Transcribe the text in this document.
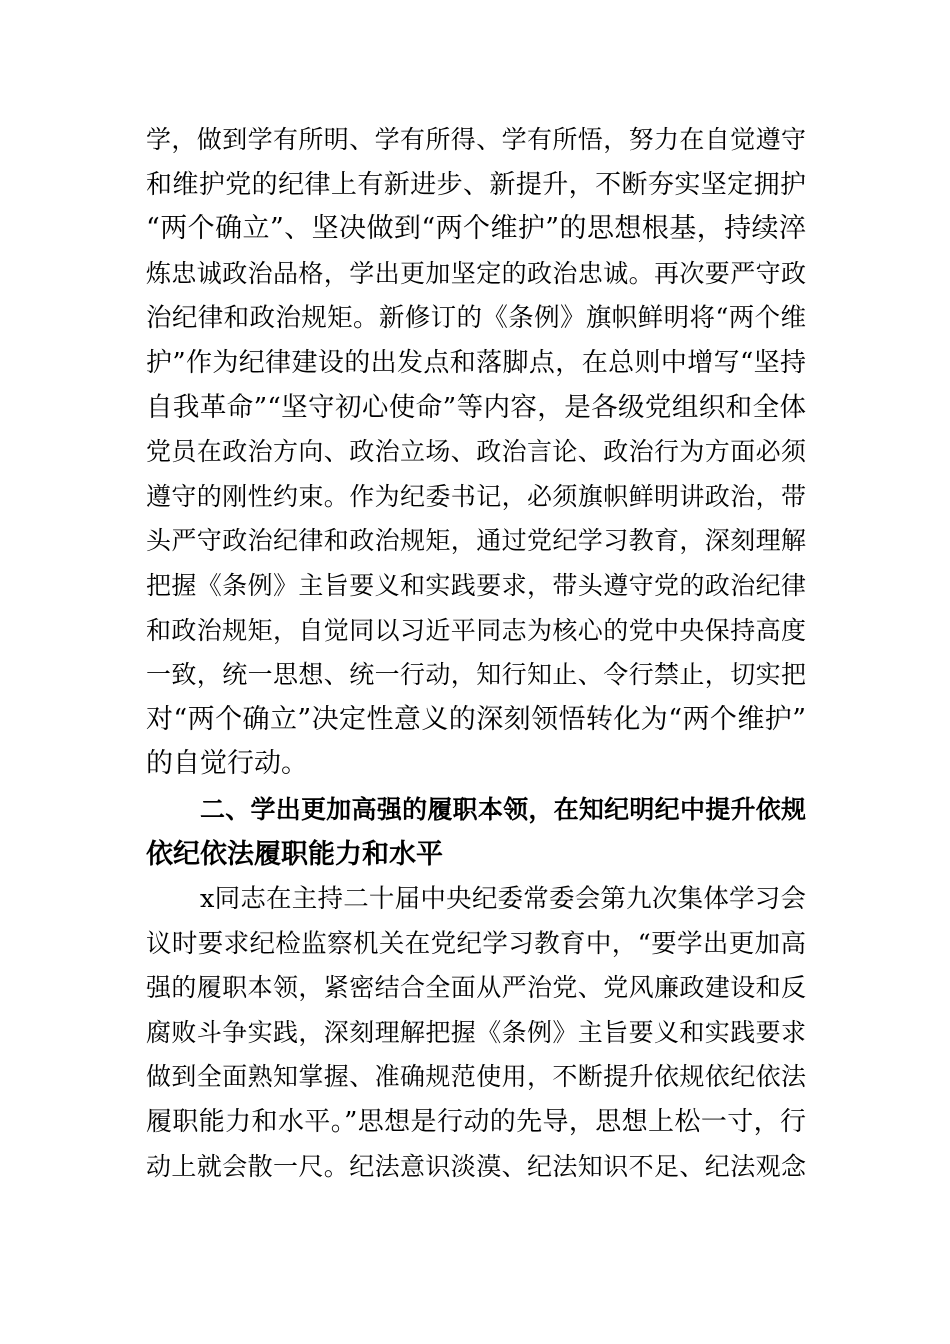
学，做到学有所明、学有所得、学有所悟，努力在自觉遵守
和维护党的纪律上有新进步、新提升，不断夯实坚定拥护
“两个确立”、坚决做到“两个维护”的思想根基，持续淬
炼忠诚政治品格，学出更加坚定的政治忠诚。再次要严守政
治纪律和政治规矩。新修订的《条例》旗帜鲜明将“两个维
护”作为纪律建设的出发点和落脚点，在总则中增写“坚持
自我革命”“坚守初心使命”等内容，是各级党组织和全体
党员在政治方向、政治立场、政治言论、政治行为方面必须
遵守的刚性约束。作为纪委书记，必须旗帜鲜明讲政治，带
头严守政治纪律和政治规矩，通过党纪学习教育，深刻理解
把握《条例》主旨要义和实践要求，带头遵守党的政治纪律
和政治规矩，自觉同以习近平同志为核心的党中央保持高度
一致，统一思想、统一行动，知行知止、令行禁止，切实把
对“两个确立”决定性意义的深刻领悟转化为“两个维护”
的自觉行动。
二、学出更加高强的履职本领，在知纪明纪中提升依规
依纪依法履职能力和水平
x同志在主持二十届中央纪委常委会第九次集体学习会
议时要求纪检监察机关在党纪学习教育中，“要学出更加高
强的履职本领，紧密结合全面从严治党、党风廉政建设和反
腐败斗争实践，深刻理解把握《条例》主旨要义和实践要求
做到全面熟知掌握、准确规范使用，不断提升依规依纪依法
履职能力和水平。”思想是行动的先导，思想上松一寸，行
动上就会散一尺。纪法意识淡漠、纪法知识不足、纪法观念
